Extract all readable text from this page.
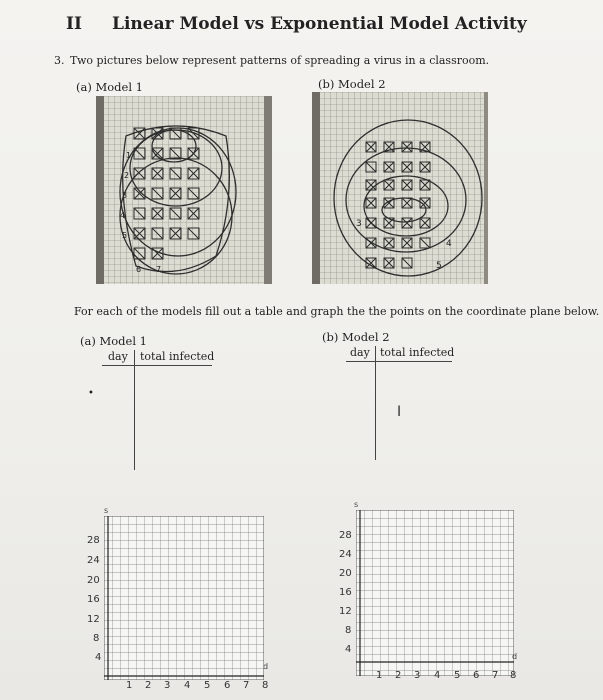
II Linear Model vs Exponential Model Activity
3. Two pictures below represent patterns of spreading a virus in a classroom.
(a) Model 1	(b) Model 2
1
2
3
4
5
6 7
3
4
5
For each of the models fill out a table and graph the the points on the coordinate plane below.
(a) Model 1
day total infected
(b) Model 2
day total infected
•
I
s
28
24
20
16
12
8
4
1 2 3 4 5 6 7 8
d
s
28
24
20
16
12
8
4
1 2 3 4 5 6 7 8
d
